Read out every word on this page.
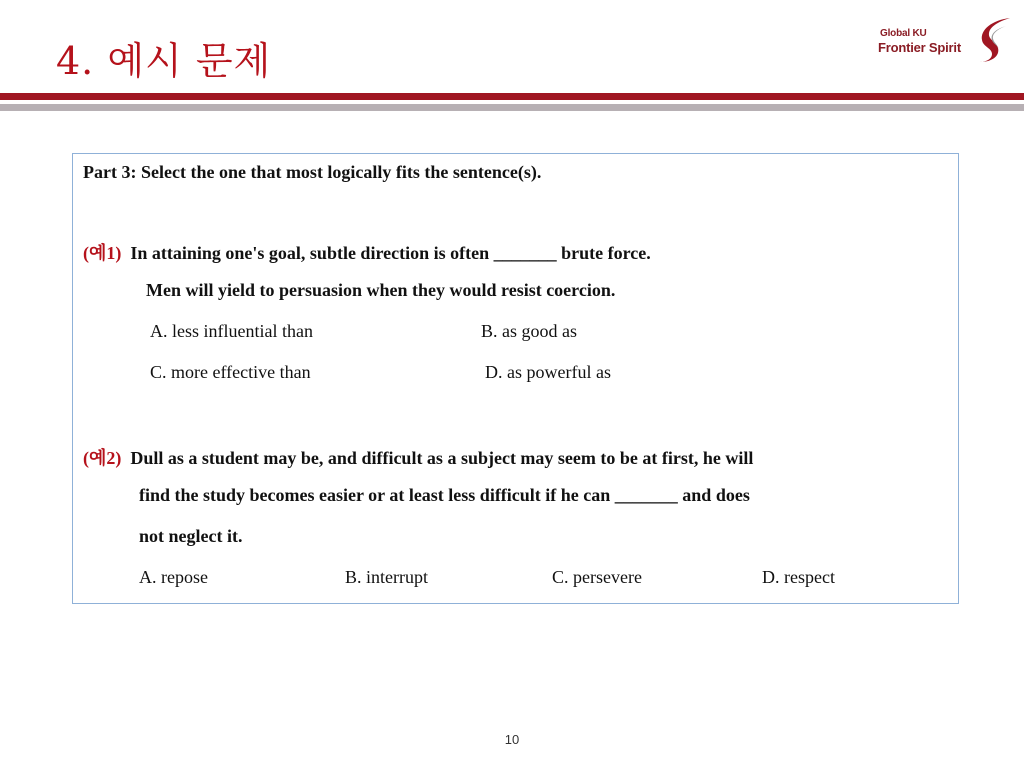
4. 예시 문제
Global KU
Frontier Spirit
Part 3: Select the one that most logically fits the sentence(s).
(예1) In attaining one's goal, subtle direction is often _______ brute force.
Men will yield to persuasion when they would resist coercion.
A. less influential than	B. as good as
C. more effective than	D. as powerful as
(예2) Dull as a student may be, and difficult as a subject may seem to be at first, he will
find the study becomes easier or at least less difficult if he can _______ and does
not neglect it.
A. repose	B. interrupt	C. persevere	D. respect
10
